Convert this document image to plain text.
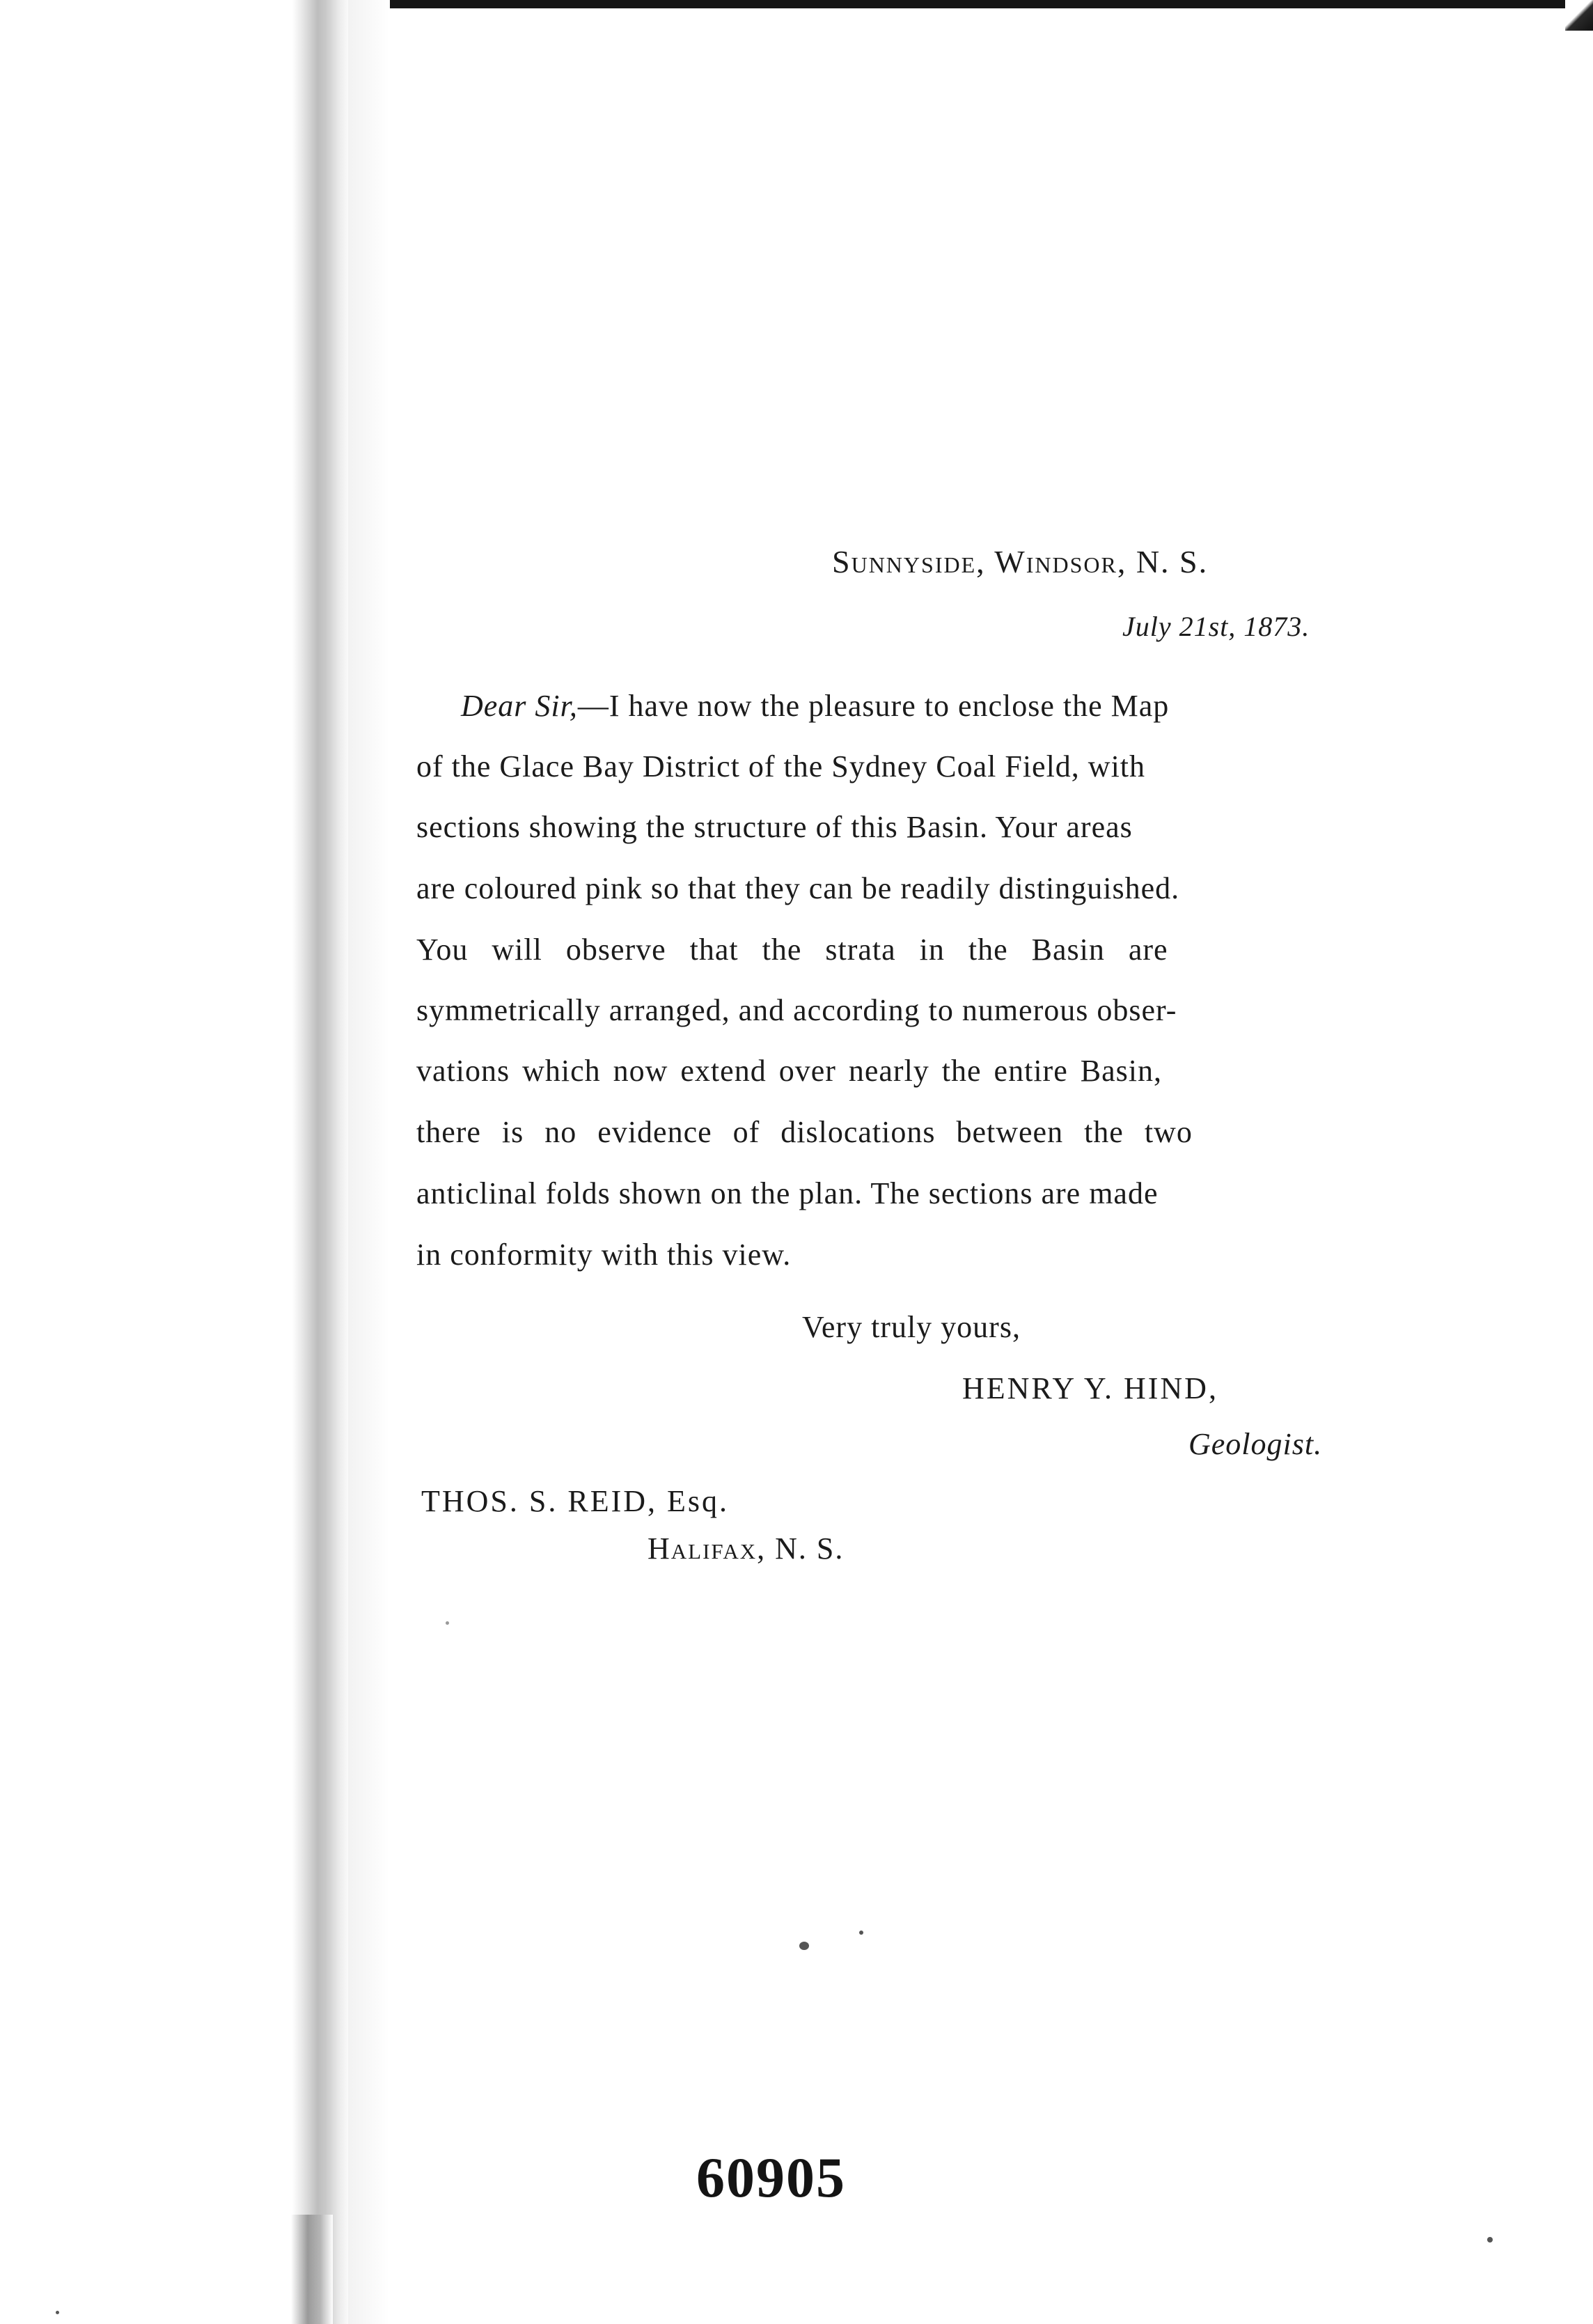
Sunnyside, Windsor, N. S.
July 21st, 1873.
Dear Sir,—I have now the pleasure to enclose the Map
of the Glace Bay District of the Sydney Coal Field, with
sections showing the structure of this Basin. Your areas
are coloured pink so that they can be readily distinguished.
You will observe that the strata in the Basin are
symmetrically arranged, and according to numerous obser-
vations which now extend over nearly the entire Basin,
there is no evidence of dislocations between the two
anticlinal folds shown on the plan. The sections are made
in conformity with this view.
Very truly yours,
HENRY Y. HIND,
Geologist.
THOS. S. REID, Esq.
Halifax, N. S.
60905
